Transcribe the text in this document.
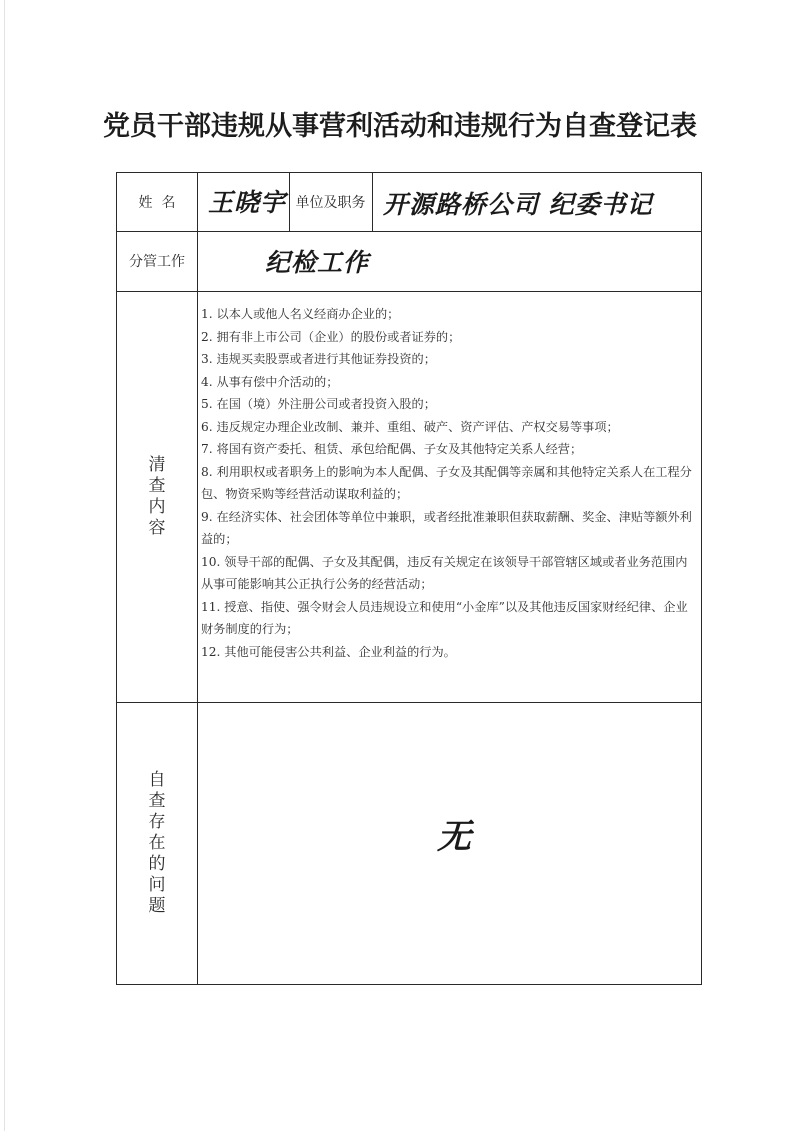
党员干部违规从事营利活动和违规行为自查登记表
姓  名	王晓宇 单位及职务 开源路桥公司 纪委书记
分管工作	纪检工作
清查内容
1. 以本人或他人名义经商办企业的；
2. 拥有非上市公司（企业）的股份或者证券的；
3. 违规买卖股票或者进行其他证券投资的；
4. 从事有偿中介活动的；
5. 在国（境）外注册公司或者投资入股的；
6. 违反规定办理企业改制、兼并、重组、破产、资产评估、产权交易等事项；
7. 将国有资产委托、租赁、承包给配偶、子女及其他特定关系人经营；
8. 利用职权或者职务上的影响为本人配偶、子女及其配偶等亲属和其他特定关系人在工程分包、物资采购等经营活动谋取利益的；
9. 在经济实体、社会团体等单位中兼职，或者经批准兼职但获取薪酬、奖金、津贴等额外利益的；
10. 领导干部的配偶、子女及其配偶，违反有关规定在该领导干部管辖区域或者业务范围内从事可能影响其公正执行公务的经营活动；
11. 授意、指使、强令财会人员违规设立和使用“小金库”以及其他违反国家财经纪律、企业财务制度的行为；
12. 其他可能侵害公共利益、企业利益的行为。
自查存在的问题
无
